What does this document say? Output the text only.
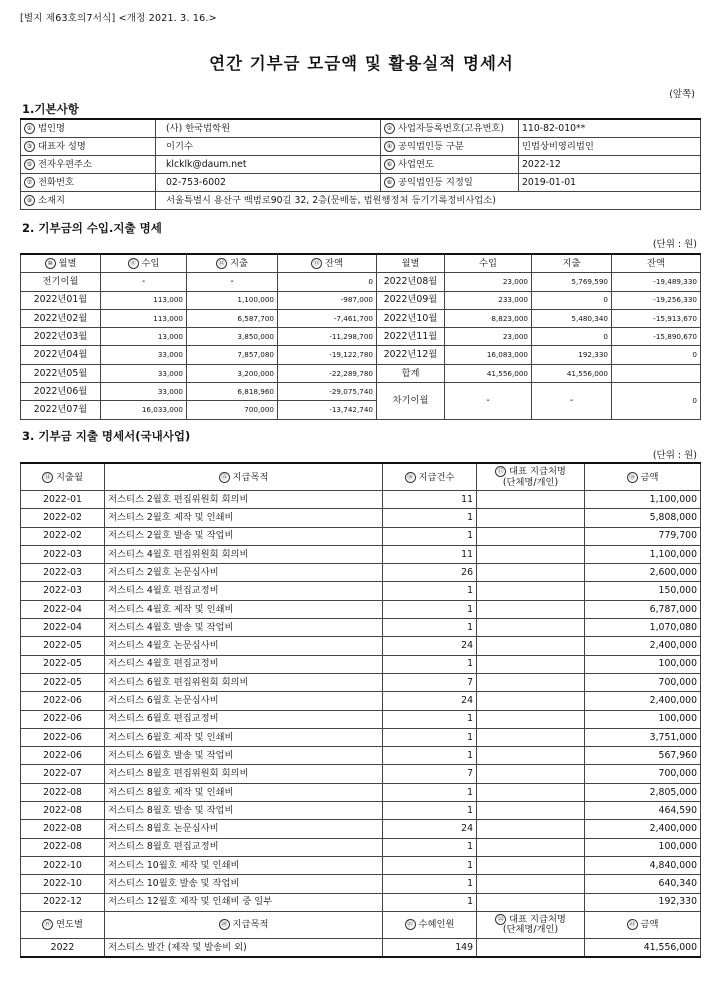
[별지 제63호의7서식] <개정 2021. 3. 16.>
연간 기부금 모금액 및 활용실적 명세서
(앞쪽)
1.기본사항
① 법인명	(사) 한국법학원	② 사업자등록번호(고유번호)	110-82-010**
③ 대표자 성명	이기수	④ 공익법인등 구분	민법상비영리법인
⑤ 전자우편주소	klcklk@daum.net	⑥ 사업연도	2022-12
⑦ 전화번호	02-753-6002	⑧ 공익법인등 지정일	2019-01-01
⑨ 소재지	서울특별시 용산구 백범로90길 32, 2층(문배동, 법원행정처 등기기록정비사업소)		
2. 기부금의 수입.지출 명세
(단위 : 원)
⑩ 월별	⑪ 수입	⑫ 지출	⑬ 잔액	월별	수입	지출	잔액
전기이월	-	-	0	2022년08월	23,000	5,769,590	-19,489,330
2022년01월	113,000	1,100,000	-987,000	2022년09월	233,000	0	-19,256,330
2022년02월	113,000	6,587,700	-7,461,700	2022년10월	8,823,000	5,480,340	-15,913,670
2022년03월	13,000	3,850,000	-11,298,700	2022년11월	23,000	0	-15,890,670
2022년04월	33,000	7,857,080	-19,122,780	2022년12월	16,083,000	192,330	0
2022년05월	33,000	3,200,000	-22,289,780	합계	41,556,000	41,556,000	
2022년06월	33,000	6,818,960	-29,075,740	차기이월	-	-	0
2022년07월	16,033,000	700,000	-13,742,740				
3. 기부금 지출 명세서(국내사업)
(단위 : 원)
⑭ 지출월	⑮ 지급목적	⑯ 지급건수	⑰ 대표 지급처명
(단체명/개인)	⑱ 금액
2022-01	저스티스 2월호 편집위원회 회의비	11		1,100,000
2022-02	저스티스 2월호 제작 및 인쇄비	1		5,808,000
2022-02	저스티스 2월호 발송 및 작업비	1		779,700
2022-03	저스티스 4월호 편집위원회 회의비	11		1,100,000
2022-03	저스티스 2월호 논문심사비	26		2,600,000
2022-03	저스티스 4월호 편집교정비	1		150,000
2022-04	저스티스 4월호 제작 및 인쇄비	1		6,787,000
2022-04	저스티스 4월호 발송 및 작업비	1		1,070,080
2022-05	저스티스 4월호 논문심사비	24		2,400,000
2022-05	저스티스 4월호 편집교정비	1		100,000
2022-05	저스티스 6월호 편집위원회 회의비	7		700,000
2022-06	저스티스 6월호 논문심사비	24		2,400,000
2022-06	저스티스 6월호 편집교정비	1		100,000
2022-06	저스티스 6월호 제작 및 인쇄비	1		3,751,000
2022-06	저스티스 6월호 발송 및 작업비	1		567,960
2022-07	저스티스 8월호 편집위원회 회의비	7		700,000
2022-08	저스티스 8월호 제작 및 인쇄비	1		2,805,000
2022-08	저스티스 8월호 발송 및 작업비	1		464,590
2022-08	저스티스 8월호 논문심사비	24		2,400,000
2022-08	저스티스 8월호 편집교정비	1		100,000
2022-10	저스티스 10월호 제작 및 인쇄비	1		4,840,000
2022-10	저스티스 10월호 발송 및 작업비	1		640,340
2022-12	저스티스 12월호 제작 및 인쇄비 중 일부	1		192,330
⑲ 연도별	⑳ 지급목적	㉑ 수혜인원	㉒ 대표 지급처명
(단체명/개인)	㉓ 금액
2022	저스티스 발간 (제작 및 발송비 외)	149		41,556,000
